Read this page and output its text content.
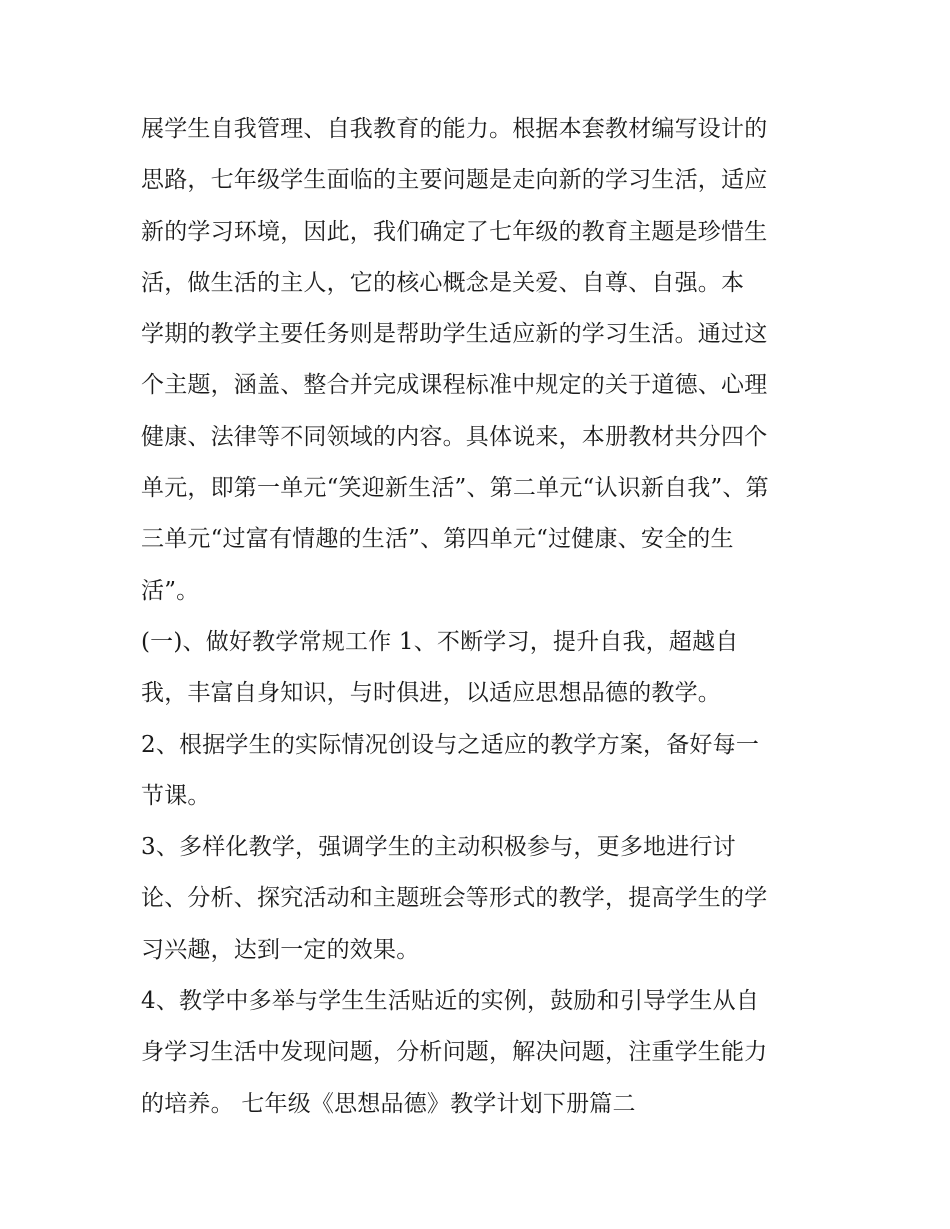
展学生自我管理、自我教育的能力。根据本套教材编写设计的
思路，七年级学生面临的主要问题是走向新的学习生活，适应
新的学习环境，因此，我们确定了七年级的教育主题是珍惜生
活，做生活的主人，它的核心概念是关爱、自尊、自强。本
学期的教学主要任务则是帮助学生适应新的学习生活。通过这
个主题，涵盖、整合并完成课程标准中规定的关于道德、心理
健康、法律等不同领域的内容。具体说来，本册教材共分四个
单元，即第一单元“笑迎新生活”、第二单元“认识新自我”、第
三单元“过富有情趣的生活”、第四单元“过健康、安全的生
活”。
(一)、做好教学常规工作 1、不断学习，提升自我，超越自
我，丰富自身知识，与时俱进，以适应思想品德的教学。
2、根据学生的实际情况创设与之适应的教学方案，备好每一
节课。
3、多样化教学，强调学生的主动积极参与，更多地进行讨
论、分析、探究活动和主题班会等形式的教学，提高学生的学
习兴趣，达到一定的效果。
4、教学中多举与学生生活贴近的实例，鼓励和引导学生从自
身学习生活中发现问题，分析问题，解决问题，注重学生能力
的培养。 七年级《思想品德》教学计划下册篇二
